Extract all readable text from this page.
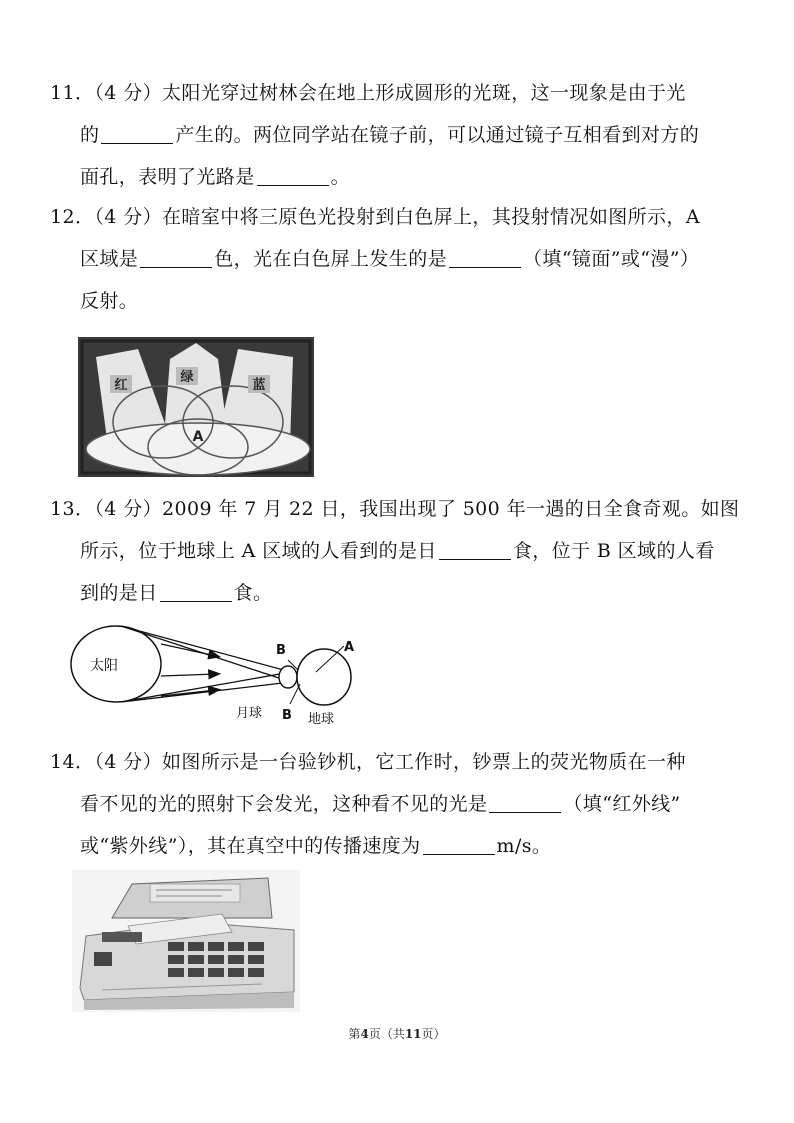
11．（4 分）太阳光穿过树林会在地上形成圆形的光斑，这一现象是由于光
的	产生的。两位同学站在镜子前，可以通过镜子互相看到对方的
面孔，表明了光路是	。
12．（4 分）在暗室中将三原色光投射到白色屏上，其投射情况如图所示，A
区域是	色，光在白色屏上发生的是	（填“镜面”或“漫”）
反射。
红
绿
蓝
A
13．（4 分）2009 年 7 月 22 日，我国出现了 500 年一遇的日全食奇观。如图
所示，位于地球上 A 区域的人看到的是日	食，位于 B 区域的人看
到的是日	食。
太阳
B	A
B
月球	地球
14．（4 分）如图所示是一台验钞机，它工作时，钞票上的荧光物质在一种
看不见的光的照射下会发光，这种看不见的光是	（填“红外线”
或“紫外线”），其在真空中的传播速度为	m/s。
第4页（共11页）
